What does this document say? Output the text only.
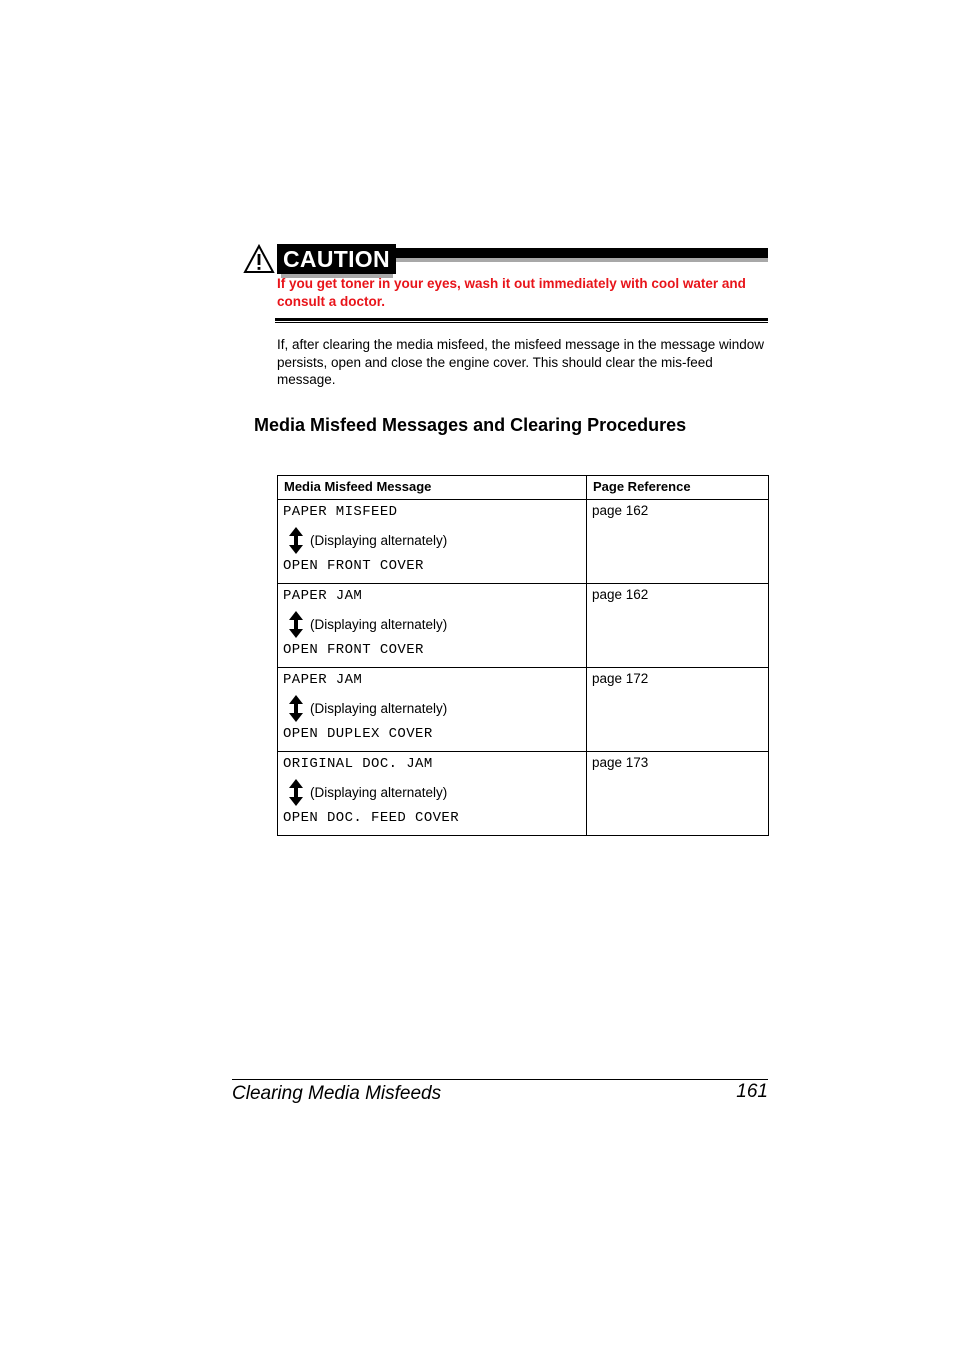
CAUTION
If you get toner in your eyes, wash it out immediately with cool water and consult a doctor.
If, after clearing the media misfeed, the misfeed message in the message window persists, open and close the engine cover. This should clear the mis-feed message.
Media Misfeed Messages and Clearing Procedures
Media Misfeed Message	Page Reference

PAPER MISFEED
(Displaying alternately)
OPEN FRONT COVER	page 162

PAPER JAM
(Displaying alternately)
OPEN FRONT COVER	page 162

PAPER JAM
(Displaying alternately)
OPEN DUPLEX COVER	page 172

ORIGINAL DOC. JAM
(Displaying alternately)
OPEN DOC. FEED COVER	page 173
Clearing Media Misfeeds	161
